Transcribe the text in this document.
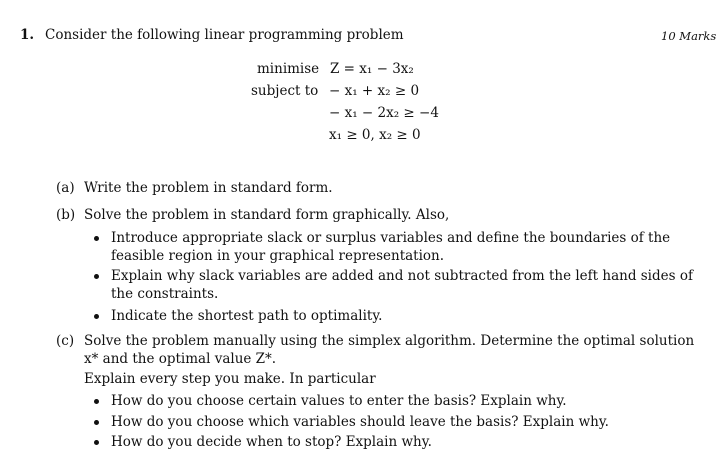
1. Consider the following linear programming problem	10 Marks
minimise Z = x₁ − 3x₂
subject to − x₁ + x₂ ≥ 0
− x₁ − 2x₂ ≥ −4
x₁ ≥ 0, x₂ ≥ 0
(a) Write the problem in standard form.
(b) Solve the problem in standard form graphically. Also,
Introduce appropriate slack or surplus variables and define the boundaries of the
feasible region in your graphical representation.
Explain why slack variables are added and not subtracted from the left hand sides of
the constraints.
Indicate the shortest path to optimality.
(c) Solve the problem manually using the simplex algorithm. Determine the optimal solution
x* and the optimal value Z*.
Explain every step you make. In particular
How do you choose certain values to enter the basis? Explain why.
How do you choose which variables should leave the basis? Explain why.
How do you decide when to stop? Explain why.
